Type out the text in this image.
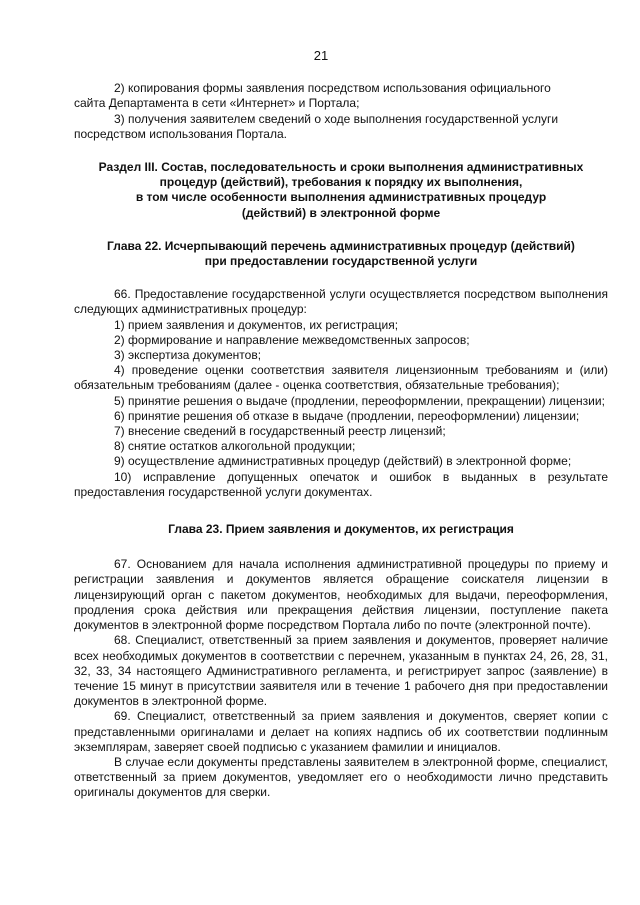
21

2) копирования формы заявления посредством использования официального

сайта Департамента в сети «Интернет» и Портала;

3) получения заявителем сведений о ходе выполнения государственной услуги

посредством использования Портала.

Раздел III. Состав, последовательность и сроки выполнения административных
процедур (действий), требования к порядку их выполнения,
в том числе особенности выполнения административных процедур
(действий) в электронной форме
Глава 22. Исчерпывающий перечень административных процедур (действий)
при предоставлении государственной услуги

66. Предоставление государственной услуги осуществляется посредством выполнения следующих административных процедур:

1) прием заявления и документов, их регистрация;

2) формирование и направление межведомственных запросов;

3) экспертиза документов;

4) проведение оценки соответствия заявителя лицензионным требованиям и (или) обязательным требованиям (далее - оценка соответствия, обязательные требования);

5) принятие решения о выдаче (продлении, переоформлении, прекращении) лицензии;

6) принятие решения об отказе в выдаче (продлении, переоформлении) лицензии;

7) внесение сведений в государственный реестр лицензий;

8) снятие остатков алкогольной продукции;

9) осуществление административных процедур (действий) в электронной форме;

10) исправление допущенных опечаток и ошибок в выданных в результате предоставления государственной услуги документах.

Глава 23. Прием заявления и документов, их регистрация

67. Основанием для начала исполнения административной процедуры по приему и регистрации заявления и документов является обращение соискателя лицензии в лицензирующий орган с пакетом документов, необходимых для выдачи, переоформления, продления срока действия или прекращения действия лицензии, поступление пакета документов в электронной форме посредством Портала либо по почте (электронной почте).

68. Специалист, ответственный за прием заявления и документов, проверяет наличие всех необходимых документов в соответствии с перечнем, указанным в пунктах 24, 26, 28, 31, 32, 33, 34 настоящего Административного регламента, и регистрирует запрос (заявление) в течение 15 минут в присутствии заявителя или в течение 1 рабочего дня при предоставлении документов в электронной форме.

69. Специалист, ответственный за прием заявления и документов, сверяет копии с представленными оригиналами и делает на копиях надпись об их соответствии подлинным экземплярам, заверяет своей подписью с указанием фамилии и инициалов.

В случае если документы представлены заявителем в электронной форме, специалист, ответственный за прием документов, уведомляет его о необходимости лично представить оригиналы документов для сверки.
